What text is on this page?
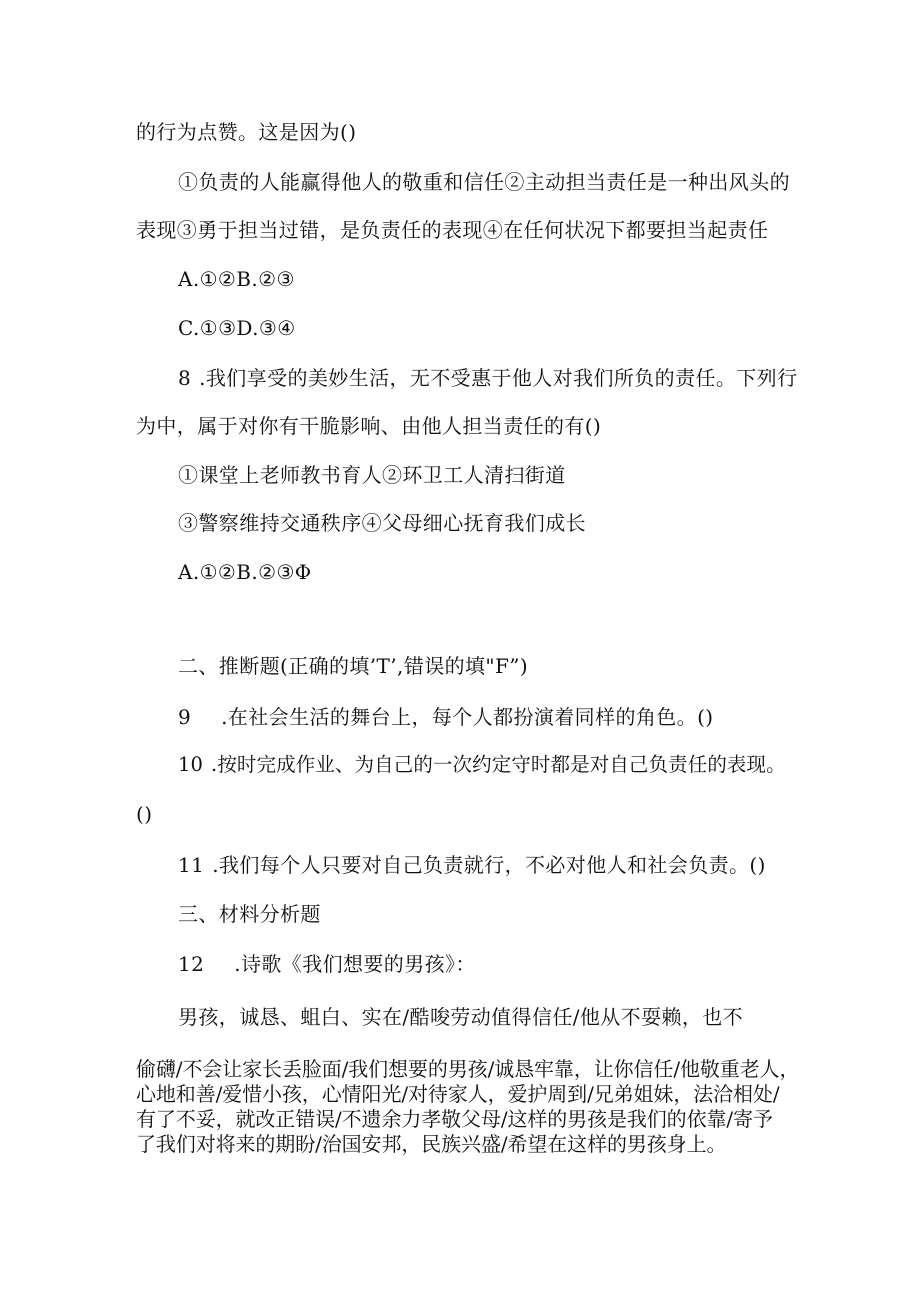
的行为点赞。这是因为()
①负责的人能赢得他人的敬重和信任②主动担当责任是一种出风头的
表现③勇于担当过错，是负责任的表现④在任何状况下都要担当起责任
A.①②B.②③
C.①③D.③④
8 .我们享受的美妙生活，无不受惠于他人对我们所负的责任。下列行
为中，属于对你有干脆影响、由他人担当责任的有()
①课堂上老师教书育人②环卫工人清扫街道
③警察维持交通秩序④父母细心抚育我们成长
A.①②B.②③Φ
二、推断题(正确的填’T’,错误的填"F”)
9 .在社会生活的舞台上，每个人都扮演着同样的角色。()
10 .按时完成作业、为自己的一次约定守时都是对自己负责任的表现。
()
11 .我们每个人只要对自己负责就行，不必对他人和社会负责。()
三、材料分析题
12 .诗歌《我们想要的男孩》：
男孩，诚恳、蛆白、实在/酷唆劳动值得信任/他从不耍赖，也不
偷礴/不会让家长丢脸面/我们想要的男孩/诚恳牢靠，让你信任/他敬重老人，
心地和善/爱惜小孩，心情阳光/对待家人，爱护周到/兄弟姐妹，法洽相处/
有了不妥，就改正错误/不遗余力孝敬父母/这样的男孩是我们的依靠/寄予
了我们对将来的期盼/治国安邦，民族兴盛/希望在这样的男孩身上。
